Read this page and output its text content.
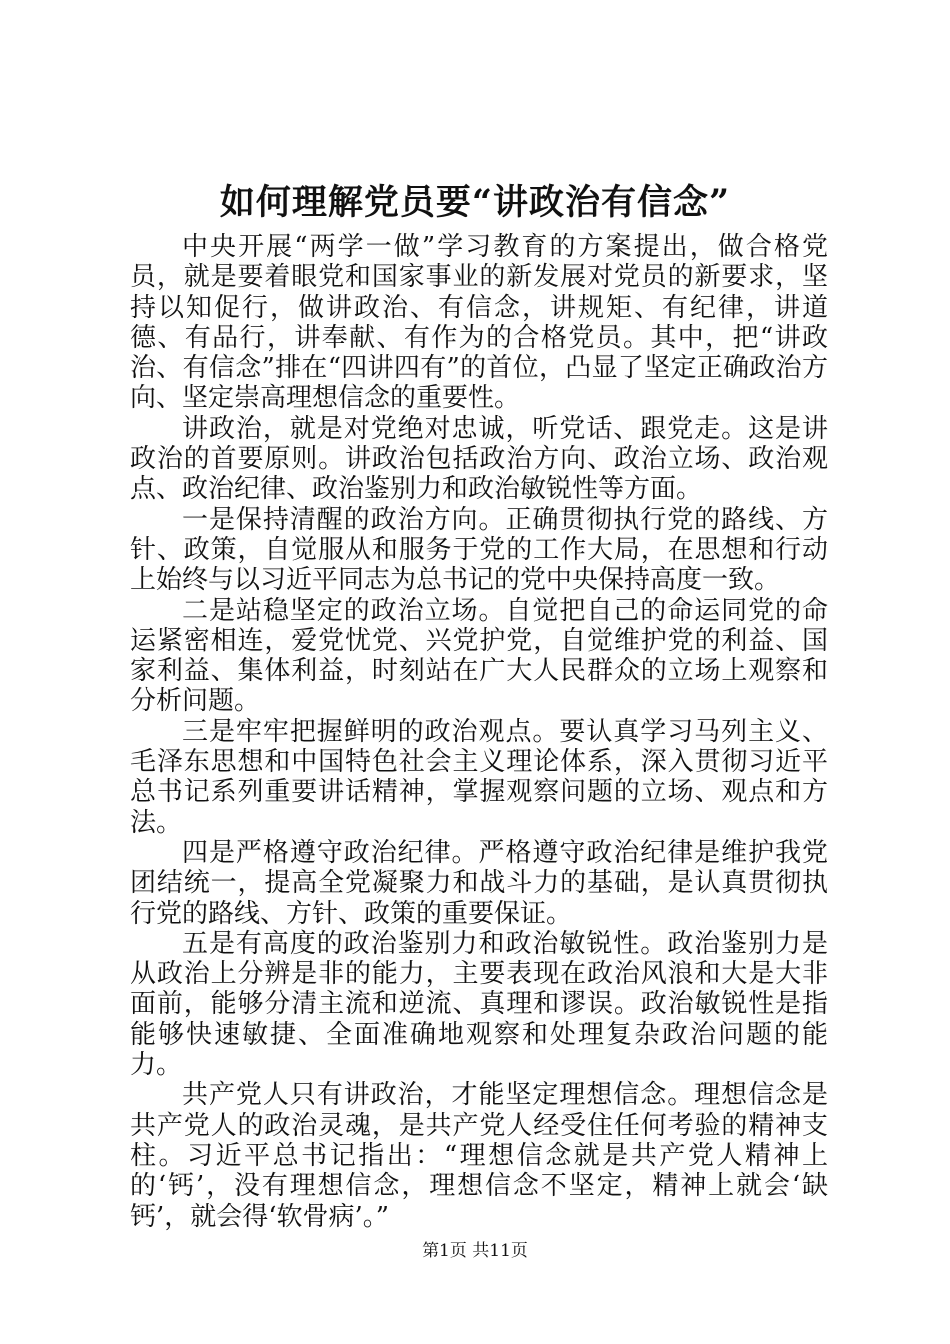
如何理解党员要“讲政治有信念”

中央开展“两学一做”学习教育的方案提出，做合格党员，就是要着眼党和国家事业的新发展对党员的新要求，坚持以知促行，做讲政治、有信念，讲规矩、有纪律，讲道德、有品行，讲奉献、有作为的合格党员。其中，把“讲政治、有信念”排在“四讲四有”的首位，凸显了坚定正确政治方向、坚定崇高理想信念的重要性。

讲政治，就是对党绝对忠诚，听党话、跟党走。这是讲政治的首要原则。讲政治包括政治方向、政治立场、政治观点、政治纪律、政治鉴别力和政治敏锐性等方面。

一是保持清醒的政治方向。正确贯彻执行党的路线、方针、政策，自觉服从和服务于党的工作大局，在思想和行动上始终与以习近平同志为总书记的党中央保持高度一致。

二是站稳坚定的政治立场。自觉把自己的命运同党的命运紧密相连，爱党忧党、兴党护党，自觉维护党的利益、国家利益、集体利益，时刻站在广大人民群众的立场上观察和分析问题。

三是牢牢把握鲜明的政治观点。要认真学习马列主义、毛泽东思想和中国特色社会主义理论体系，深入贯彻习近平总书记系列重要讲话精神，掌握观察问题的立场、观点和方法。

四是严格遵守政治纪律。严格遵守政治纪律是维护我党团结统一，提高全党凝聚力和战斗力的基础，是认真贯彻执行党的路线、方针、政策的重要保证。

五是有高度的政治鉴别力和政治敏锐性。政治鉴别力是从政治上分辨是非的能力，主要表现在政治风浪和大是大非面前，能够分清主流和逆流、真理和谬误。政治敏锐性是指能够快速敏捷、全面准确地观察和处理复杂政治问题的能力。

共产党人只有讲政治，才能坚定理想信念。理想信念是共产党人的政治灵魂，是共产党人经受住任何考验的精神支柱。习近平总书记指出：“理想信念就是共产党人精神上的‘钙’，没有理想信念，理想信念不坚定，精神上就会‘缺钙’，就会得‘软骨病’。”

第1页 共11页
